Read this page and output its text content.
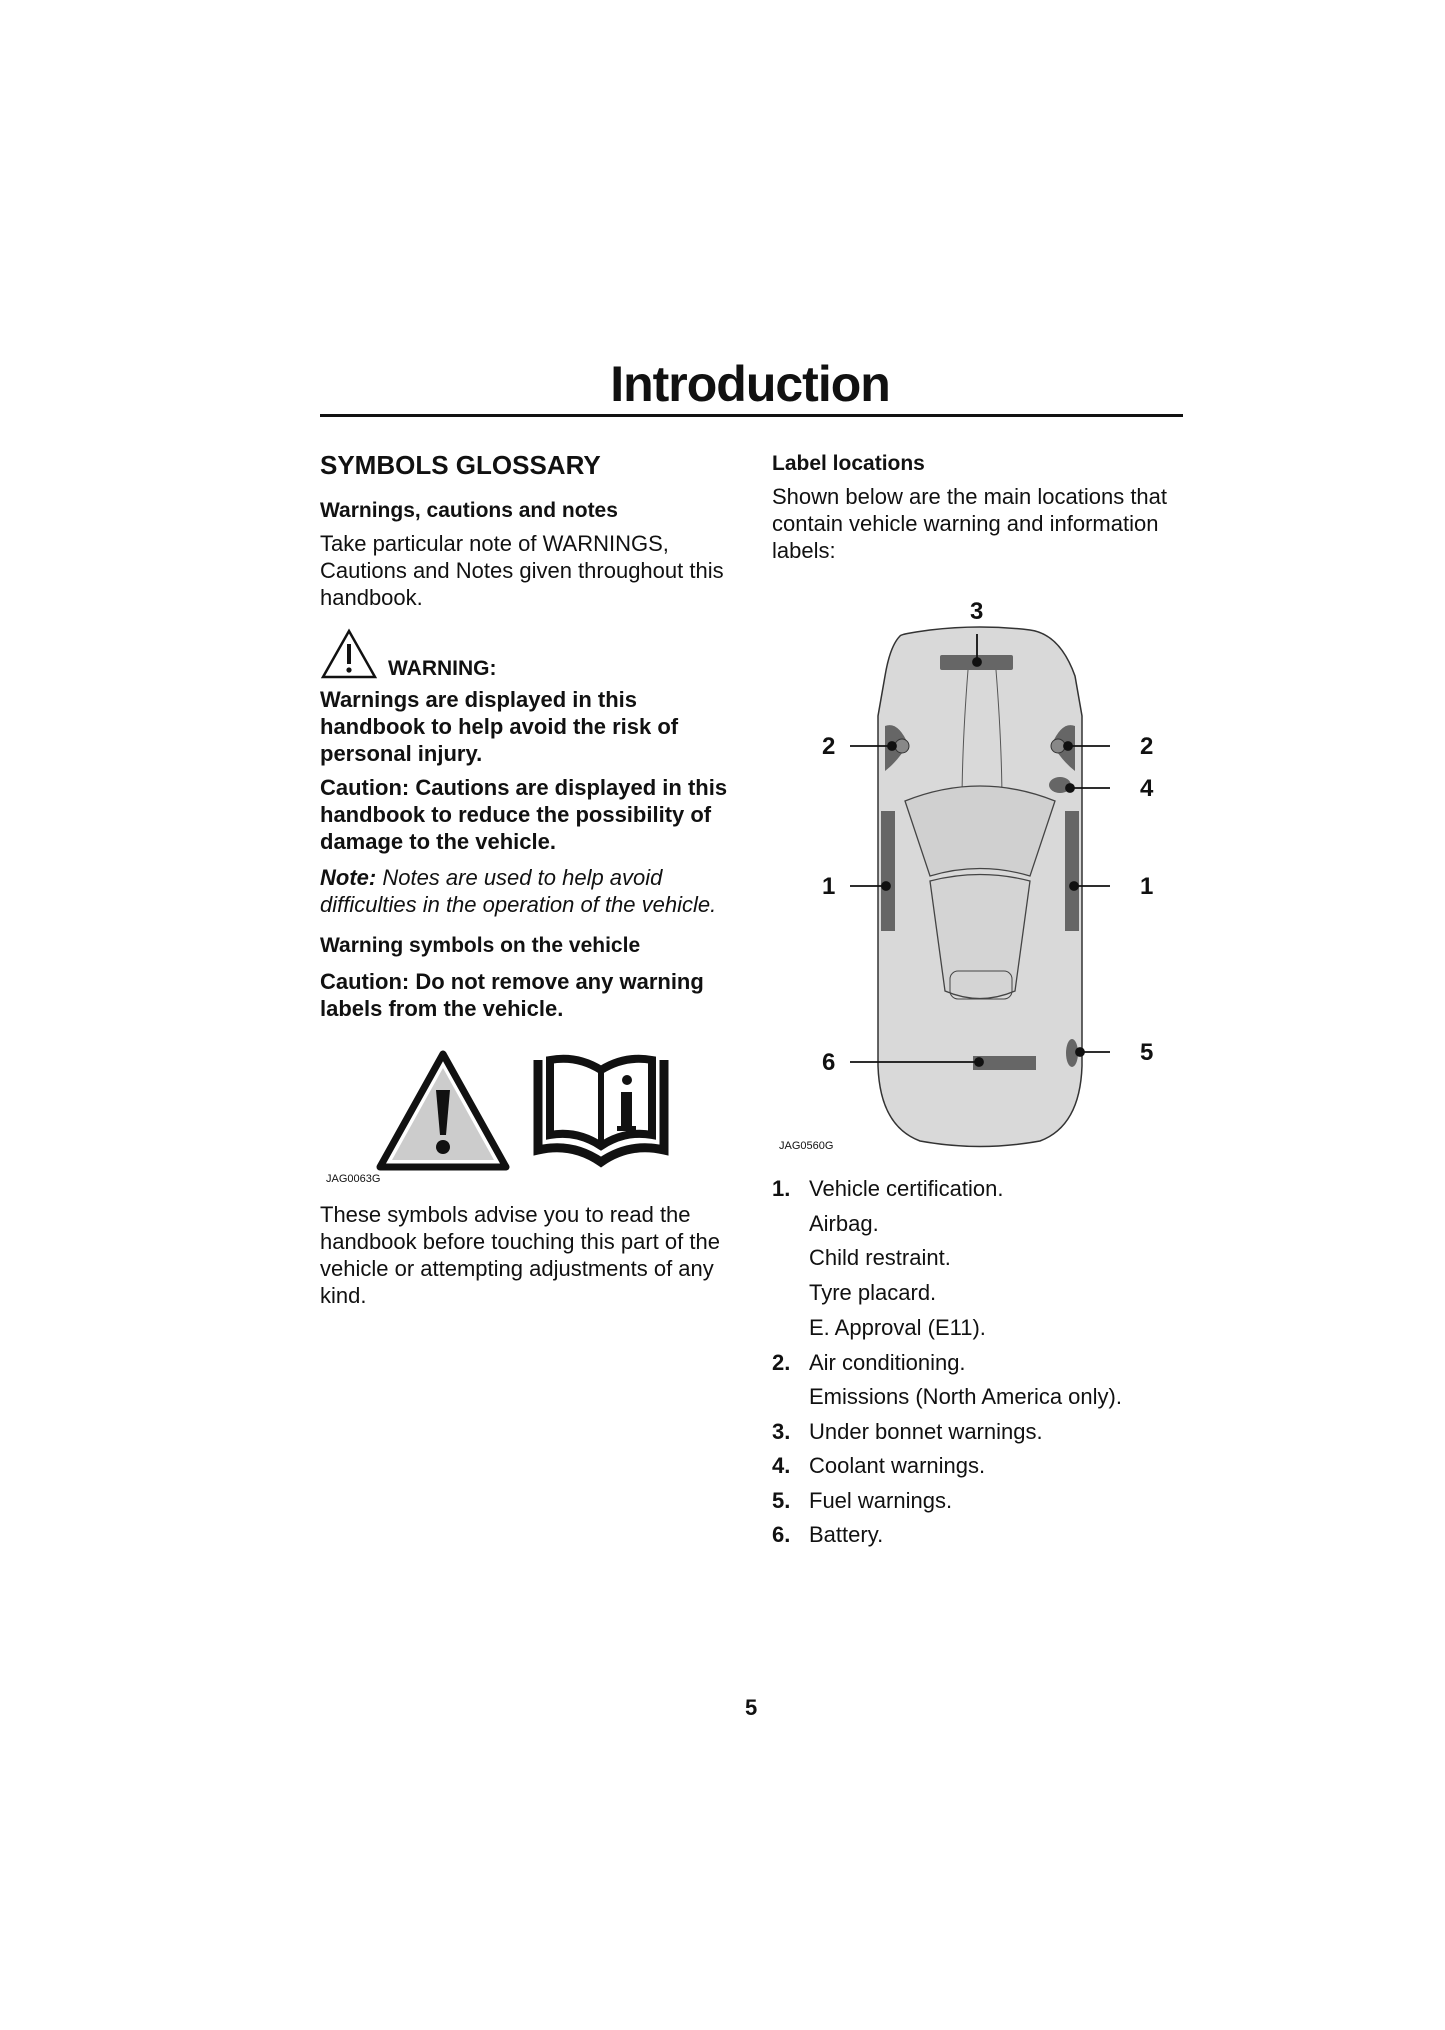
Introduction
SYMBOLS GLOSSARY
Warnings, cautions and notes
Take particular note of WARNINGS, Cautions and Notes given throughout this handbook.
WARNING:
Warnings are displayed in this handbook to help avoid the risk of personal injury.
Caution: Cautions are displayed in this handbook to reduce the possibility of damage to the vehicle.
Note: Notes are used to help avoid difficulties in the operation of the vehicle.
Warning symbols on the vehicle
Caution: Do not remove any warning labels from the vehicle.
JAG0063G
These symbols advise you to read the handbook before touching this part of the vehicle or attempting adjustments of any kind.
Label locations
Shown below are the main locations that contain vehicle warning and information labels:
3
2	2
4
1	1
6	5
JAG0560G
1. Vehicle certification.
Airbag.
Child restraint.
Tyre placard.
E. Approval (E11).
2. Air conditioning.
Emissions (North America only).
3. Under bonnet warnings.
4. Coolant warnings.
5. Fuel warnings.
6. Battery.
5
